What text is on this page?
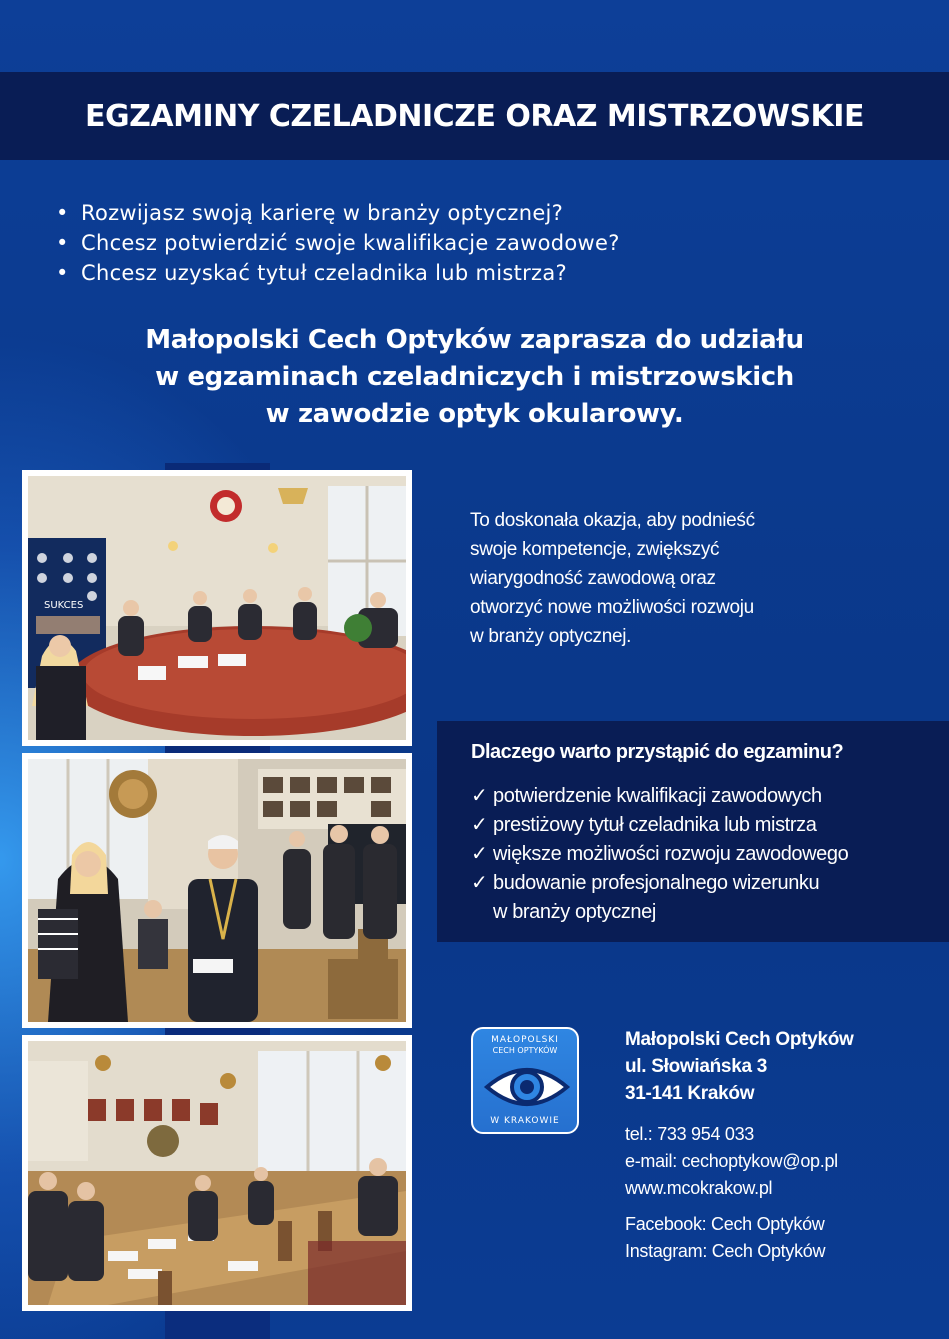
EGZAMINY CZELADNICZE ORAZ MISTRZOWSKIE
• Rozwijasz swoją karierę w branży optycznej?
• Chcesz potwierdzić swoje kwalifikacje zawodowe?
• Chcesz uzyskać tytuł czeladnika lub mistrza?
Małopolski Cech Optyków zaprasza do udziału
w egzaminach czeladniczych i mistrzowskich
w zawodzie optyk okularowy.
SUKCES
To doskonała okazja, aby podnieść
swoje kompetencje, zwiększyć
wiarygodność zawodową oraz
otworzyć nowe możliwości rozwoju
w branży optycznej.
Dlaczego warto przystąpić do egzaminu?
✓ potwierdzenie kwalifikacji zawodowych
✓ prestiżowy tytuł czeladnika lub mistrza
✓ większe możliwości rozwoju zawodowego
✓ budowanie profesjonalnego wizerunku
w branży optycznej
MAŁOPOLSKI
CECH OPTYKÓW
W KRAKOWIE
Małopolski Cech Optyków
ul. Słowiańska 3
31-141 Kraków
tel.: 733 954 033
e-mail: cechoptykow@op.pl
www.mcokrakow.pl
Facebook: Cech Optyków
Instagram: Cech Optyków
